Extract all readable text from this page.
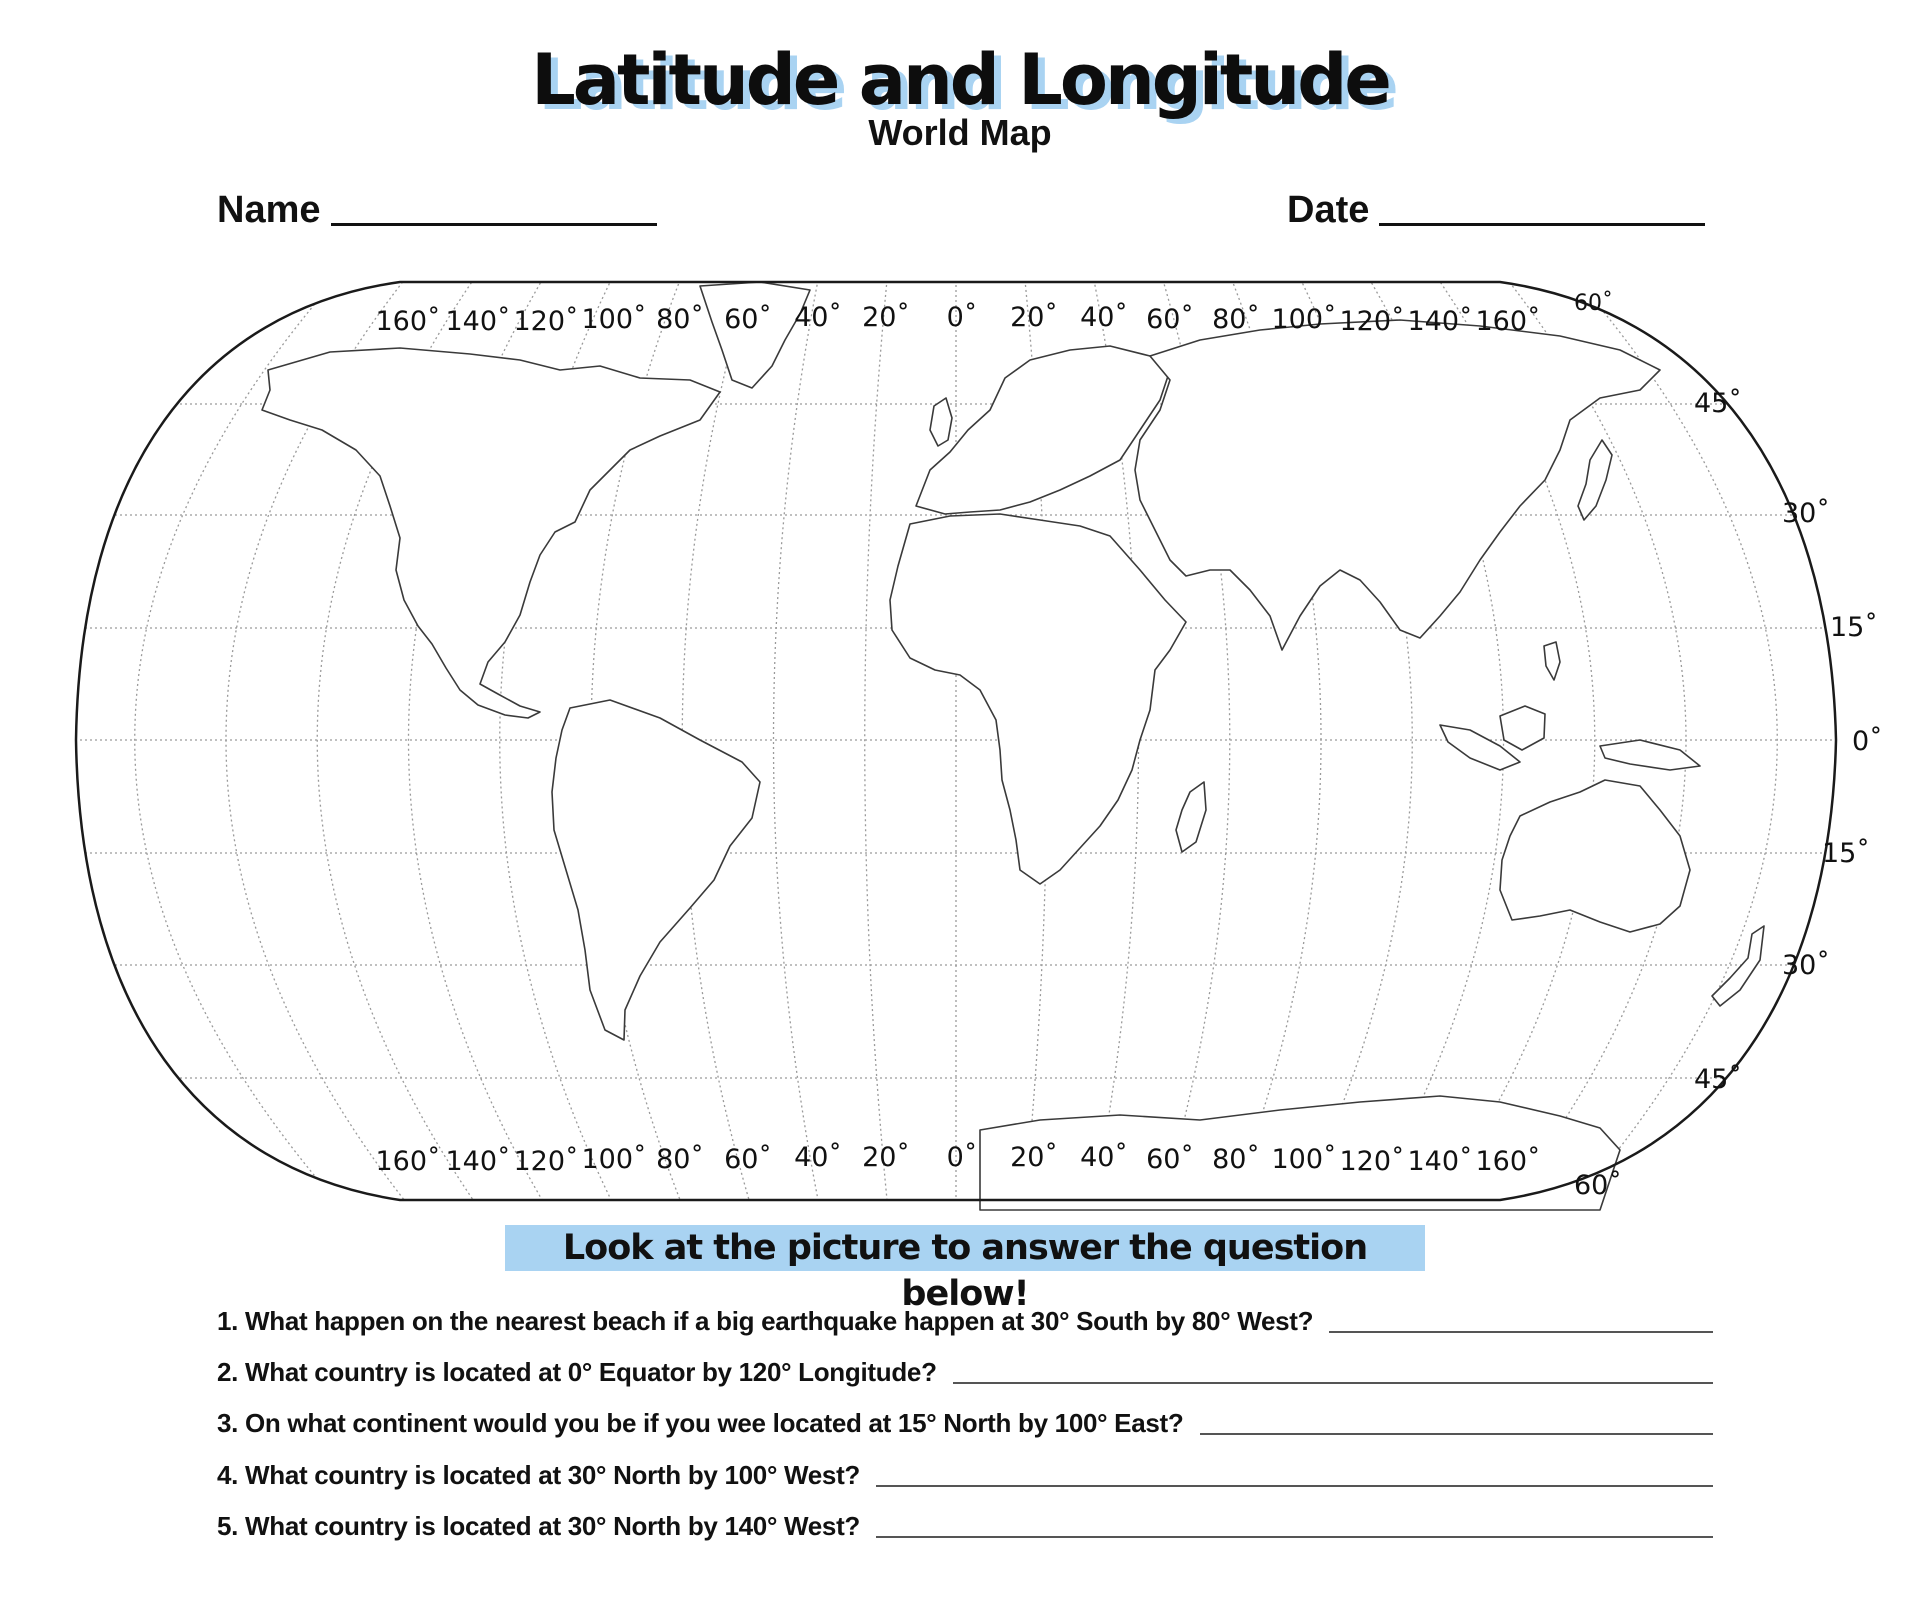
Latitude and Longitude
World Map
Name	Date
160˚ 140˚ 120˚ 100˚ 80˚ 60˚ 40˚ 20˚ 0˚ 20˚ 40˚ 60˚ 80˚ 100˚ 120˚ 140˚ 160˚
160˚ 140˚ 120˚ 100˚ 80˚ 60˚ 40˚ 20˚ 0˚ 20˚ 40˚ 60˚ 80˚ 100˚ 120˚ 140˚ 160˚
60˚
45˚
30˚
15˚
0˚
15˚
30˚
45˚
60˚
Look at the picture to answer the question below!
1. What happen on the nearest beach if a big earthquake happen at 30° South by 80° West?
2. What country is located at 0° Equator by 120° Longitude?
3. On what continent would you be if you wee located at 15° North by 100° East?
4. What country is located at 30° North by 100° West?
5. What country is located at 30° North by 140° West?
